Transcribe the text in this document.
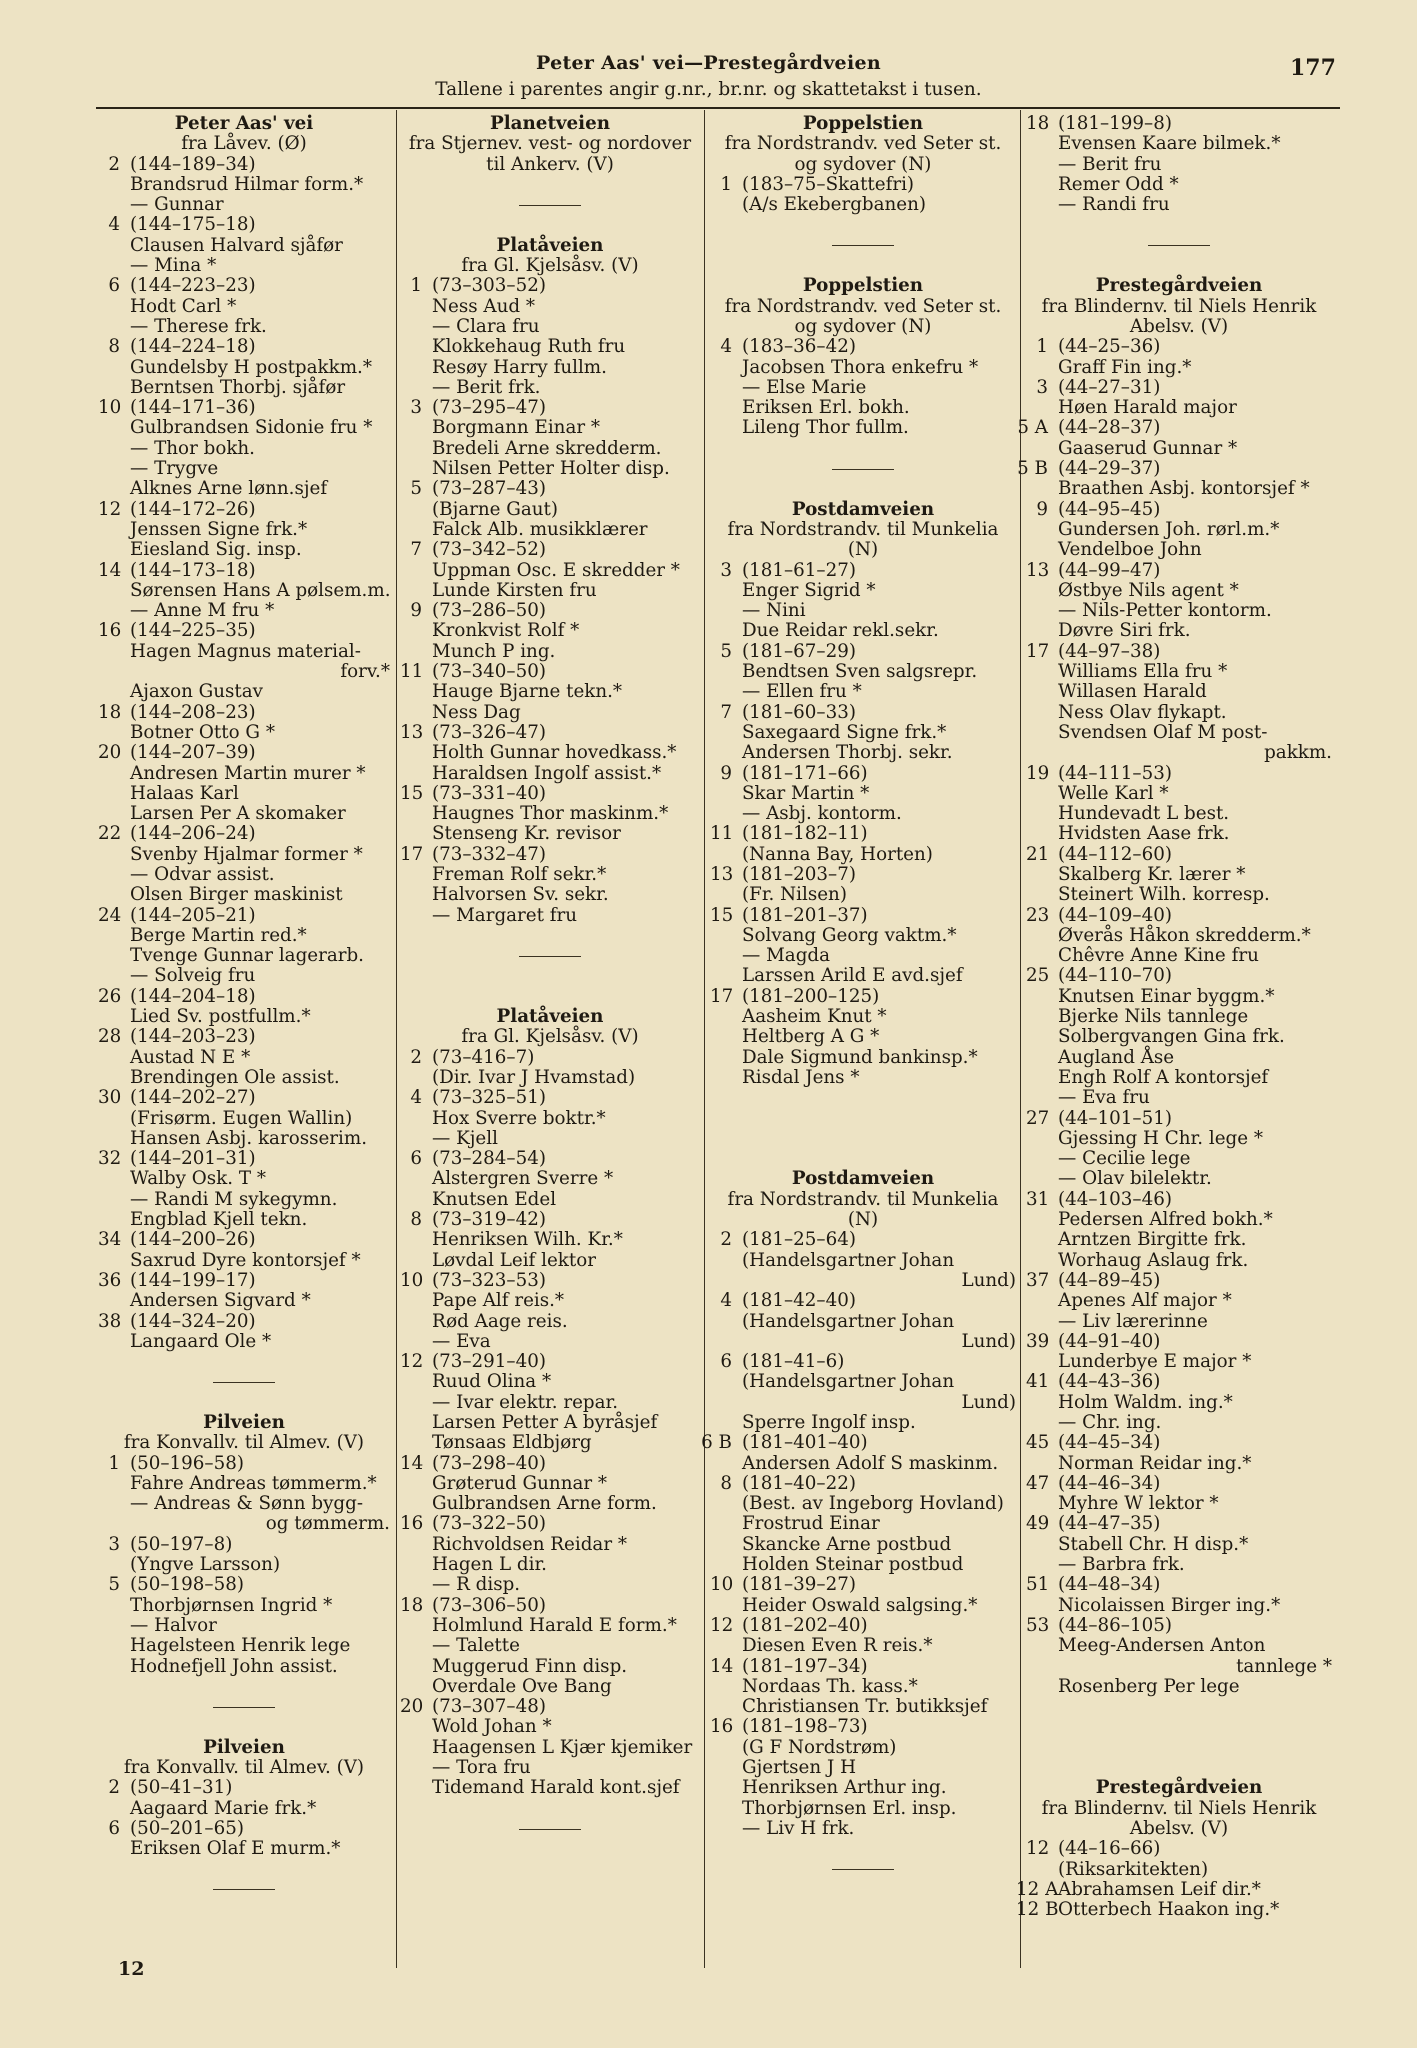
Peter Aas' vei—Prestegårdveien
Tallene i parentes angir g.nr., br.nr. og skattetakst i tusen.
177
Peter Aas' vei
fra Låvev. (Ø)
2 (144–189–34)
Brandsrud Hilmar form.*
— Gunnar
4 (144–175–18)
Clausen Halvard sjåfør
— Mina *
6 (144–223–23)
Hodt Carl *
— Therese frk.
8 (144–224–18)
Gundelsby H postpakkm.*
Berntsen Thorbj. sjåfør
10 (144–171–36)
Gulbrandsen Sidonie fru *
— Thor bokh.
— Trygve
Alknes Arne lønn.sjef
12 (144–172–26)
Jenssen Signe frk.*
Eiesland Sig. insp.
14 (144–173–18)
Sørensen Hans A pølsem.m.
— Anne M fru *
16 (144–225–35)
Hagen Magnus material-
forv.*
Ajaxon Gustav
18 (144–208–23)
Botner Otto G *
20 (144–207–39)
Andresen Martin murer *
Halaas Karl
Larsen Per A skomaker
22 (144–206–24)
Svenby Hjalmar former *
— Odvar assist.
Olsen Birger maskinist
24 (144–205–21)
Berge Martin red.*
Tvenge Gunnar lagerarb.
— Solveig fru
26 (144–204–18)
Lied Sv. postfullm.*
28 (144–203–23)
Austad N E *
Brendingen Ole assist.
30 (144–202–27)
(Frisørm. Eugen Wallin)
Hansen Asbj. karosserim.
32 (144–201–31)
Walby Osk. T *
— Randi M sykegymn.
Engblad Kjell tekn.
34 (144–200–26)
Saxrud Dyre kontorsjef *
36 (144–199–17)
Andersen Sigvard *
38 (144–324–20)
Langaard Ole *
Pilveien
fra Konvallv. til Almev. (V)
1 (50–196–58)
Fahre Andreas tømmerm.*
— Andreas & Sønn bygg-
og tømmerm.
3 (50–197–8)
(Yngve Larsson)
5 (50–198–58)
Thorbjørnsen Ingrid *
— Halvor
Hagelsteen Henrik lege
Hodnefjell John assist.
Pilveien
fra Konvallv. til Almev. (V)
2 (50–41–31)
Aagaard Marie frk.*
6 (50–201–65)
Eriksen Olaf E murm.*
Planetveien
fra Stjernev. vest- og nordover
til Ankerv. (V)
Platåveien
fra Gl. Kjelsåsv. (V)
1 (73–303–52)
Ness Aud *
— Clara fru
Klokkehaug Ruth fru
Resøy Harry fullm.
— Berit frk.
3 (73–295–47)
Borgmann Einar *
Bredeli Arne skredderm.
Nilsen Petter Holter disp.
5 (73–287–43)
(Bjarne Gaut)
Falck Alb. musikklærer
7 (73–342–52)
Uppman Osc. E skredder *
Lunde Kirsten fru
9 (73–286–50)
Kronkvist Rolf *
Munch P ing.
11 (73–340–50)
Hauge Bjarne tekn.*
Ness Dag
13 (73–326–47)
Holth Gunnar hovedkass.*
Haraldsen Ingolf assist.*
15 (73–331–40)
Haugnes Thor maskinm.*
Stenseng Kr. revisor
17 (73–332–47)
Freman Rolf sekr.*
Halvorsen Sv. sekr.
— Margaret fru
Platåveien
fra Gl. Kjelsåsv. (V)
2 (73–416–7)
(Dir. Ivar J Hvamstad)
4 (73–325–51)
Hox Sverre boktr.*
— Kjell
6 (73–284–54)
Alstergren Sverre *
Knutsen Edel
8 (73–319–42)
Henriksen Wilh. Kr.*
Løvdal Leif lektor
10 (73–323–53)
Pape Alf reis.*
Rød Aage reis.
— Eva
12 (73–291–40)
Ruud Olina *
— Ivar elektr. repar.
Larsen Petter A byråsjef
Tønsaas Eldbjørg
14 (73–298–40)
Grøterud Gunnar *
Gulbrandsen Arne form.
16 (73–322–50)
Richvoldsen Reidar *
Hagen L dir.
— R disp.
18 (73–306–50)
Holmlund Harald E form.*
— Talette
Muggerud Finn disp.
Overdale Ove Bang
20 (73–307–48)
Wold Johan *
Haagensen L Kjær kjemiker
— Tora fru
Tidemand Harald kont.sjef
Poppelstien
fra Nordstrandv. ved Seter st.
og sydover (N)
1 (183–75–Skattefri)
(A/s Ekebergbanen)
Poppelstien
fra Nordstrandv. ved Seter st.
og sydover (N)
4 (183–36–42)
Jacobsen Thora enkefru *
— Else Marie
Eriksen Erl. bokh.
Lileng Thor fullm.
Postdamveien
fra Nordstrandv. til Munkelia
(N)
3 (181–61–27)
Enger Sigrid *
— Nini
Due Reidar rekl.sekr.
5 (181–67–29)
Bendtsen Sven salgsrepr.
— Ellen fru *
7 (181–60–33)
Saxegaard Signe frk.*
Andersen Thorbj. sekr.
9 (181–171–66)
Skar Martin *
— Asbj. kontorm.
11 (181–182–11)
(Nanna Bay, Horten)
13 (181–203–7)
(Fr. Nilsen)
15 (181–201–37)
Solvang Georg vaktm.*
— Magda
Larssen Arild E avd.sjef
17 (181–200–125)
Aasheim Knut *
Heltberg A G *
Dale Sigmund bankinsp.*
Risdal Jens *
Postdamveien
fra Nordstrandv. til Munkelia
(N)
2 (181–25–64)
(Handelsgartner Johan
Lund)
4 (181–42–40)
(Handelsgartner Johan
Lund)
6 (181–41–6)
(Handelsgartner Johan
Lund)
Sperre Ingolf insp.
6 B (181–401–40)
Andersen Adolf S maskinm.
8 (181–40–22)
(Best. av Ingeborg Hovland)
Frostrud Einar
Skancke Arne postbud
Holden Steinar postbud
10 (181–39–27)
Heider Oswald salgsing.*
12 (181–202–40)
Diesen Even R reis.*
14 (181–197–34)
Nordaas Th. kass.*
Christiansen Tr. butikksjef
16 (181–198–73)
(G F Nordstrøm)
Gjertsen J H
Henriksen Arthur ing.
Thorbjørnsen Erl. insp.
— Liv H frk.
18 (181–199–8)
Evensen Kaare bilmek.*
— Berit fru
Remer Odd *
— Randi fru
Prestegårdveien
fra Blindernv. til Niels Henrik
Abelsv. (V)
1 (44–25–36)
Graff Fin ing.*
3 (44–27–31)
Høen Harald major
5 A (44–28–37)
Gaaserud Gunnar *
5 B (44–29–37)
Braathen Asbj. kontorsjef *
9 (44–95–45)
Gundersen Joh. rørl.m.*
Vendelboe John
13 (44–99–47)
Østbye Nils agent *
— Nils-Petter kontorm.
Døvre Siri frk.
17 (44–97–38)
Williams Ella fru *
Willasen Harald
Ness Olav flykapt.
Svendsen Olaf M post-
pakkm.
19 (44–111–53)
Welle Karl *
Hundevadt L best.
Hvidsten Aase frk.
21 (44–112–60)
Skalberg Kr. lærer *
Steinert Wilh. korresp.
23 (44–109–40)
Øverås Håkon skredderm.*
Chêvre Anne Kine fru
25 (44–110–70)
Knutsen Einar byggm.*
Bjerke Nils tannlege
Solbergvangen Gina frk.
Augland Åse
Engh Rolf A kontorsjef
— Eva fru
27 (44–101–51)
Gjessing H Chr. lege *
— Cecilie lege
— Olav bilelektr.
31 (44–103–46)
Pedersen Alfred bokh.*
Arntzen Birgitte frk.
Worhaug Aslaug frk.
37 (44–89–45)
Apenes Alf major *
— Liv lærerinne
39 (44–91–40)
Lunderbye E major *
41 (44–43–36)
Holm Waldm. ing.*
— Chr. ing.
45 (44–45–34)
Norman Reidar ing.*
47 (44–46–34)
Myhre W lektor *
49 (44–47–35)
Stabell Chr. H disp.*
— Barbra frk.
51 (44–48–34)
Nicolaissen Birger ing.*
53 (44–86–105)
Meeg-Andersen Anton
tannlege *
Rosenberg Per lege
Prestegårdveien
fra Blindernv. til Niels Henrik
Abelsv. (V)
12 (44–16–66)
(Riksarkitekten)
12 AAbrahamsen Leif dir.*
12 BOtterbech Haakon ing.*
12
